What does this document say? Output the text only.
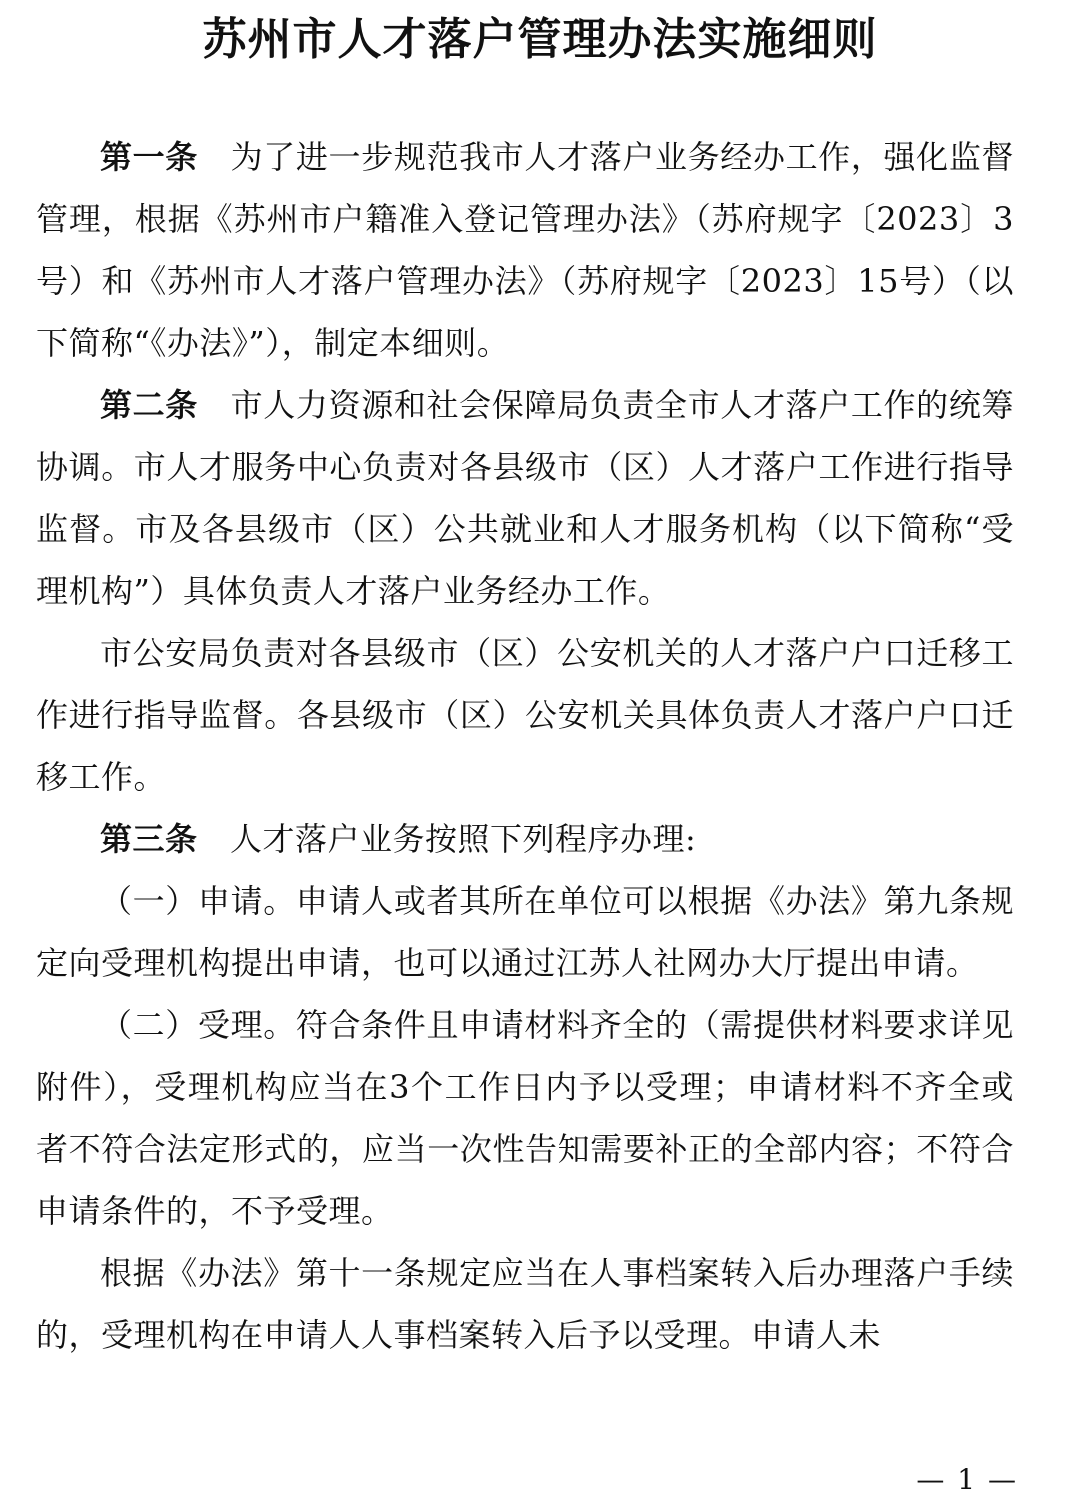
苏州市人才落户管理办法实施细则

第一条　 为了进一步规范我市人才落户业务经办工作，强化监督管理，根据《苏州市户籍准入登记管理办法》（苏府规字〔2023〕3号）和《苏州市人才落户管理办法》（苏府规字〔2023〕15号）（以下简称“《办法》”），制定本细则。

第二条　 市人力资源和社会保障局负责全市人才落户工作的统筹协调。市人才服务中心负责对各县级市（区）人才落户工作进行指导监督。市及各县级市（区）公共就业和人才服务机构（以下简称“受理机构”）具体负责人才落户业务经办工作。

市公安局负责对各县级市（区）公安机关的人才落户户口迁移工作进行指导监督。各县级市（区）公安机关具体负责人才落户户口迁移工作。

第三条　 人才落户业务按照下列程序办理:

（一）申请。申请人或者其所在单位可以根据《办法》第九条规定向受理机构提出申请，也可以通过江苏人社网办大厅提出申请。

（二）受理。符合条件且申请材料齐全的（需提供材料要求详见附件），受理机构应当在3个工作日内予以受理；申请材料不齐全或者不符合法定形式的，应当一次性告知需要补正的全部内容；不符合申请条件的，不予受理。

根据《办法》第十一条规定应当在人事档案转入后办理落户手续的，受理机构在申请人人事档案转入后予以受理。申请人未

— 1 —
